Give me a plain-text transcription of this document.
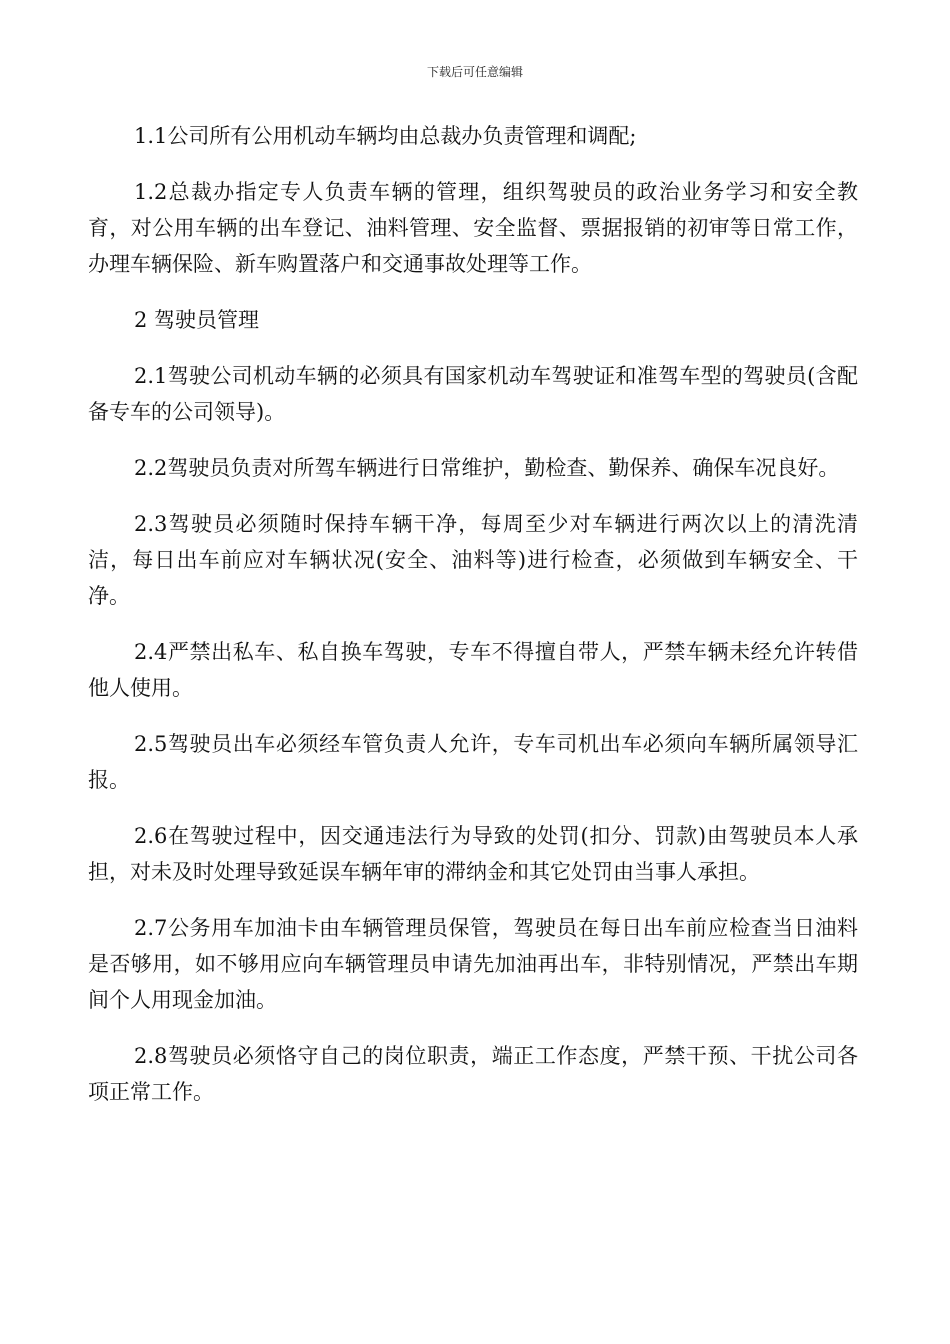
下载后可任意编辑

1.1公司所有公用机动车辆均由总裁办负责管理和调配;

1.2总裁办指定专人负责车辆的管理，组织驾驶员的政治业务学习和安全教育，对公用车辆的出车登记、油料管理、安全监督、票据报销的初审等日常工作，办理车辆保险、新车购置落户和交通事故处理等工作。

2 驾驶员管理

2.1驾驶公司机动车辆的必须具有国家机动车驾驶证和准驾车型的驾驶员(含配备专车的公司领导)。

2.2驾驶员负责对所驾车辆进行日常维护，勤检查、勤保养、确保车况良好。

2.3驾驶员必须随时保持车辆干净，每周至少对车辆进行两次以上的清洗清洁，每日出车前应对车辆状况(安全、油料等)进行检查，必须做到车辆安全、干净。

2.4严禁出私车、私自换车驾驶，专车不得擅自带人，严禁车辆未经允许转借他人使用。

2.5驾驶员出车必须经车管负责人允许，专车司机出车必须向车辆所属领导汇报。

2.6在驾驶过程中，因交通违法行为导致的处罚(扣分、罚款)由驾驶员本人承担，对未及时处理导致延误车辆年审的滞纳金和其它处罚由当事人承担。

2.7公务用车加油卡由车辆管理员保管，驾驶员在每日出车前应检查当日油料是否够用，如不够用应向车辆管理员申请先加油再出车，非特别情况，严禁出车期间个人用现金加油。

2.8驾驶员必须恪守自己的岗位职责，端正工作态度，严禁干预、干扰公司各项正常工作。
